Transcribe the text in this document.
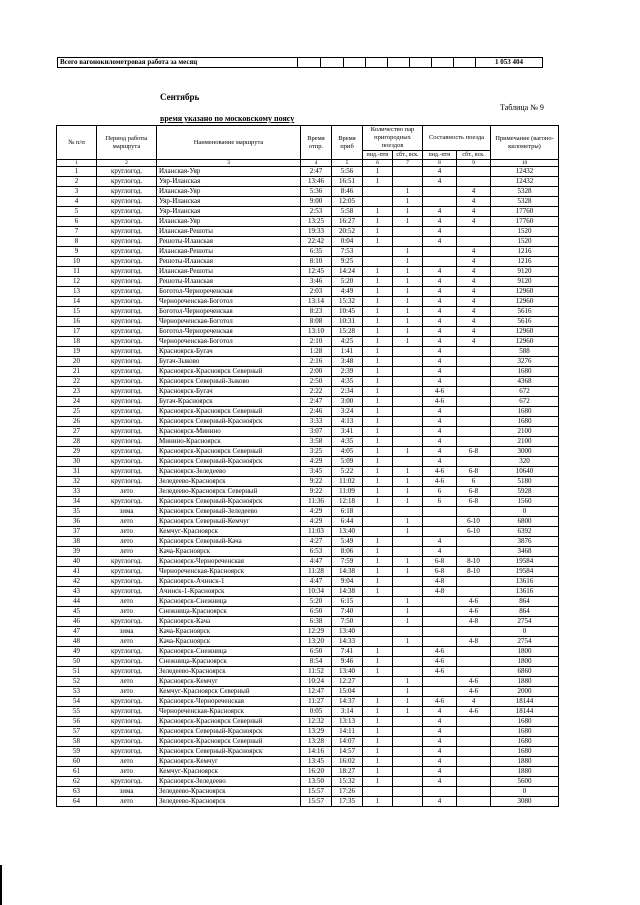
Всего вагонокилометровая работа за месяц									1 053 404
Сентябрь
Таблица № 9
время указано по московскому поясу
№ п/п	Период работы маршрута	Наименование маршрута	Время отпр.	Время приб	Количество пар пригородных поездов		Составность поезда		Примечание (вагоно-километры)
					пнд.-птн	сбт., вск.	пнд.-птн	сбт., вск.	
1	2	3	4	5	6	7	8	9	10
1	круглогод.	Иланская-Уяр	2:47	5:56	1		4		12432
2	круглогод.	Уяр-Иланская	13:46	16:51	1		4		12432
3	круглогод.	Иланская-Уяр	5:36	8:46		1		4	5328
4	круглогод.	Уяр-Иланская	9:00	12:05		1		4	5328
5	круглогод.	Уяр-Иланская	2:53	5:58	1	1	4	4	17760
6	круглогод.	Иланская-Уяр	13:25	16:27	1	1	4	4	17760
7	круглогод.	Иланская-Решоты	19:33	20:52	1		4		1520
8	круглогод.	Решоты-Иланская	22:42	0:04	1		4		1520
9	круглогод.	Иланская-Решоты	6:35	7:53		1		4	1216
10	круглогод.	Решоты-Иланская	8:10	9:25		1		4	1216
11	круглогод.	Иланская-Решоты	12:45	14:24	1	1	4	4	9120
12	круглогод.	Решоты-Иланская	3:46	5:20	1	1	4	4	9120
13	круглогод.	Боготол-Чернореченская	2:03	4:49	1	1	4	4	12960
14	круглогод.	Чернореченская-Боготол	13:14	15:32	1	1	4	4	12960
15	круглогод.	Боготол-Чернореченская	8:23	10:45	1	1	4	4	5616
16	круглогод.	Чернореченская-Боготол	8:08	10:31	1	1	4	4	5616
17	круглогод.	Боготол-Чернореченская	13:10	15:28	1	1	4	4	12960
18	круглогод.	Чернореченская-Боготол	2:10	4:25	1	1	4	4	12960
19	круглогод.	Красноярск-Бугач	1:28	1:41	1		4		588
20	круглогод.	Бугач-Зыково	2:16	3:48	1		4		3276
21	круглогод.	Красноярск-Красноярск Северный	2:00	2:39	1		4		1680
22	круглогод.	Красноярск Северный-Зыково	2:50	4:35	1		4		4368
23	круглогод.	Красноярск-Бугач	2:22	2:34	1		4-6		672
24	круглогод.	Бугач-Красноярск	2:47	3:00	1		4-6		672
25	круглогод.	Красноярск-Красноярск Северный	2:46	3:24	1		4		1680
26	круглогод.	Красноярск Северный-Красноярск	3:33	4:13	1		4		1680
27	круглогод.	Красноярск-Минино	3:07	3:41	1		4		2100
28	круглогод.	Минино-Красноярск	3:58	4:35	1		4		2100
29	круглогод.	Красноярск-Красноярск Северный	3:25	4:05	1	1	4	6-8	3000
30	круглогод.	Красноярск Северный-Красноярск	4:29	5:09	1		4		320
31	круглогод.	Красноярск-Зеледеево	3:45	5:22	1	1	4-6	6-8	10640
32	круглогод.	Зеледеево-Красноярск	9:22	11:02	1	1	4-6	6	5180
33	лето	Зеледеево-Красноярск Северный	9:22	11:09	1	1	6	6-8	5928
34	круглогод.	Красноярск Северный-Красноярск	11:36	12:18	1	1	6	6-8	1560
35	зима	Красноярск Северный-Зеледеево	4:29	6:18					0
36	лето	Красноярск Северный-Кемчуг	4:29	6:44		1		6-10	6800
37	лето	Кемчуг-Красноярск	11:03	13:40		1		6-10	6392
38	лето	Красноярск Северный-Кача	4:27	5:49	1		4		3876
39	лето	Кача-Красноярск	6:53	8:06	1		4		3468
40	круглогод.	Красноярск-Чернореченская	4:47	7:59	1	1	6-8	8-10	19584
41	круглогод.	Чернореченская-Красноярск	11:28	14:38	1	1	6-8	8-10	19584
42	круглогод.	Красноярск-Ачинск-1	4:47	9:04	1		4-8		13616
43	круглогод.	Ачинск-1-Красноярск	10:34	14:38	1		4-8		13616
44	лето	Красноярск-Снежница	5:20	6:15		1		4-6	864
45	лето	Снежница-Красноярск	6:50	7:40		1		4-6	864
46	круглогод.	Красноярск-Кача	6:38	7:50		1		4-8	2754
47	зима	Кача-Красноярск	12:29	13:40					0
48	лето	Кача-Красноярск	13:20	14:33		1		4-8	2754
49	круглогод.	Красноярск-Снежница	6:50	7:41	1		4-6		1800
50	круглогод.	Снежница-Красноярск	8:54	9:46	1		4-6		1800
51	круглогод.	Зеледеево-Красноярск	11:52	13:40	1		4-6		6860
52	лето	Красноярск-Кемчуг	10:24	12:27		1		4-6	1880
53	лето	Кемчуг-Красноярск Северный	12:47	15:04		1		4-6	2000
54	круглогод.	Красноярск-Чернореченская	11:27	14:37	1	1	4-6	4	18144
55	круглогод.	Чернореченская-Красноярск	0:05	3:14	1	1	4	4-6	18144
56	круглогод.	Красноярск-Красноярск Северный	12:32	13:13	1		4		1680
57	круглогод.	Красноярск Северный-Красноярск	13:29	14:11	1		4		1680
58	круглогод.	Красноярск-Красноярск Северный	13:28	14:07	1		4		1680
59	круглогод.	Красноярск Северный-Красноярск	14:16	14:57	1		4		1680
60	лето	Красноярск-Кемчуг	13:45	16:02	1		4		1880
61	лето	Кемчуг-Красноярск	16:20	18:27	1		4		1880
62	круглогод.	Красноярск-Зеледеево	13:50	15:32	1		4		5600
63	зима	Зеледеево-Красноярск	15:57	17:26					0
64	лето	Зеледеево-Красноярск	15:57	17:35	1		4		3080
